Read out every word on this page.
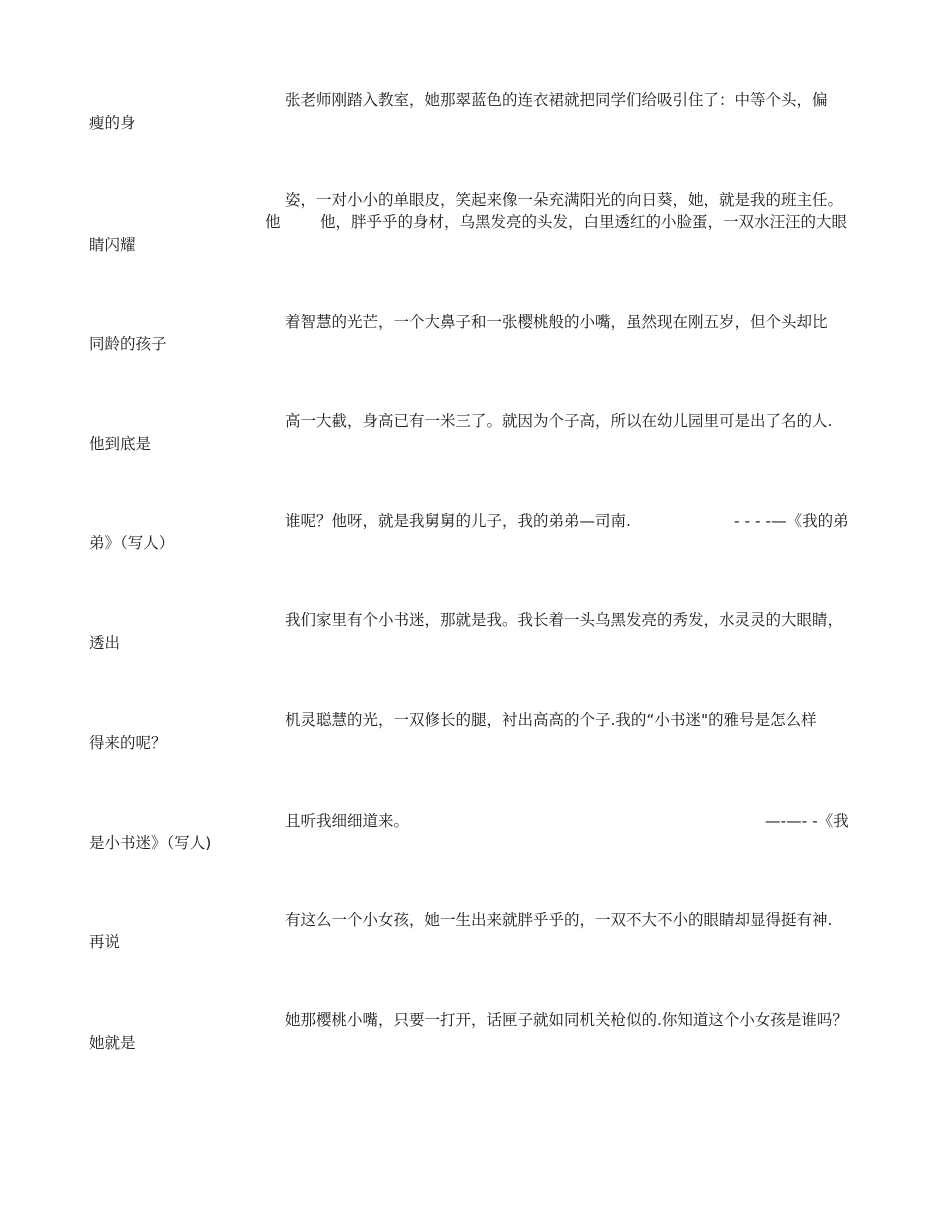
张老师刚踏入教室，她那翠蓝色的连衣裙就把同学们给吸引住了：中等个头，偏
瘦的身
姿，一对小小的单眼皮，笑起来像一朵充满阳光的向日葵，她，就是我的班主任。
他	他，胖乎乎的身材，乌黑发亮的头发，白里透红的小脸蛋，一双水汪汪的大眼
睛闪耀
着智慧的光芒，一个大鼻子和一张樱桃般的小嘴，虽然现在刚五岁，但个头却比
同龄的孩子
高一大截，身高已有一米三了。就因为个子高，所以在幼儿园里可是出了名的人.
他到底是
谁呢？他呀，就是我舅舅的儿子，我的弟弟—司南.	- - - -—《我的弟
弟》（写人）
我们家里有个小书迷，那就是我。我长着一头乌黑发亮的秀发，水灵灵的大眼睛，
透出
机灵聪慧的光，一双修长的腿，衬出高高的个子.我的“小书迷"的雅号是怎么样
得来的呢？
且听我细细道来。	—-—- -《我
是小书迷》（写人)
有这么一个小女孩，她一生出来就胖乎乎的，一双不大不小的眼睛却显得挺有神.
再说
她那樱桃小嘴，只要一打开，话匣子就如同机关枪似的.你知道这个小女孩是谁吗？
她就是
